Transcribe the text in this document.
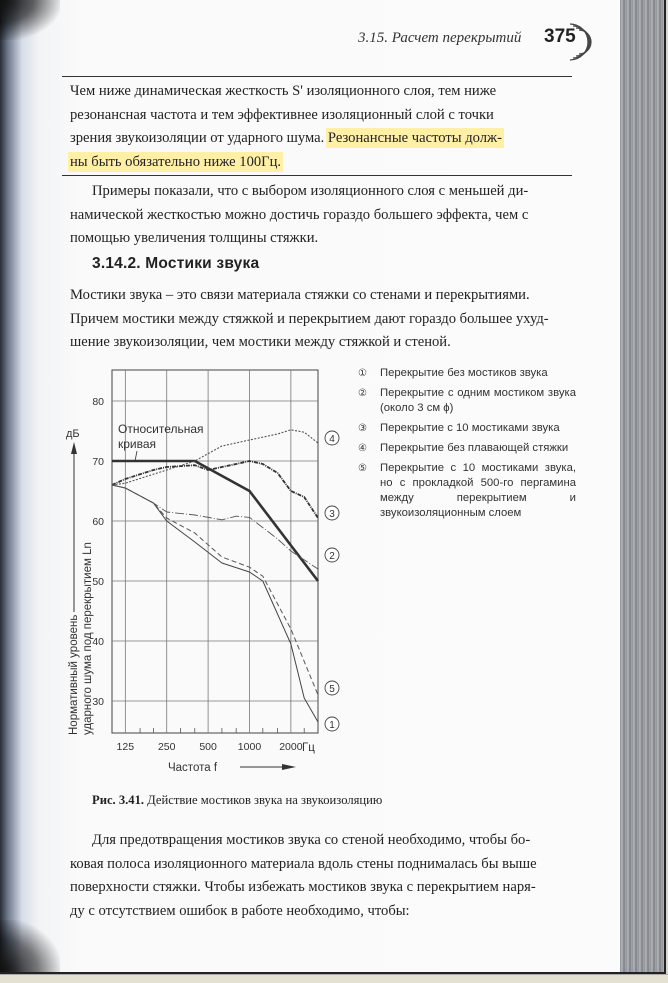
3.15. Расчет перекрытий 375
Чем ниже динамическая жесткость S' изоляционного слоя, тем ниже
резонансная частота и тем эффективнее изоляционный слой с точки
зрения звукоизоляции от ударного шума. Резонансные частоты долж-
ны быть обязательно ниже 100Гц.
Примеры показали, что с выбором изоляционного слоя с меньшей ди-
намической жесткостью можно достичь гораздо большего эффекта, чем с
помощью увеличения толщины стяжки.
3.14.2. Мостики звука
Мостики звука – это связи материала стяжки со стенами и перекрытиями.
Причем мостики между стяжкой и перекрытием дают гораздо большее ухуд-
шение звукоизоляции, чем мостики между стяжкой и стеной.
30
40
50
60
70
80
125 250 500 1000 2000
1
2
3
4
5
Относительная
кривая
дБ
Нормативный уровень ударного шума под перекрытием Ln
Частота f
Гц
① Перекрытие без мостиков звука
② Перекрытие с одним мостиком звука (около 3 см ϕ)
③ Перекрытие с 10 мостиками звука
④ Перекрытие без плавающей стяжки
⑤ Перекрытие с 10 мостиками звука, но с прокладкой 500-го пергамина между перекрытием и звукоизоляционным слоем
Рис. 3.41. Действие мостиков звука на звукоизоляцию
Для предотвращения мостиков звука со стеной необходимо, чтобы бо-
ковая полоса изоляционного материала вдоль стены поднималась бы выше
поверхности стяжки. Чтобы избежать мостиков звука с перекрытием наря-
ду с отсутствием ошибок в работе необходимо, чтобы:
